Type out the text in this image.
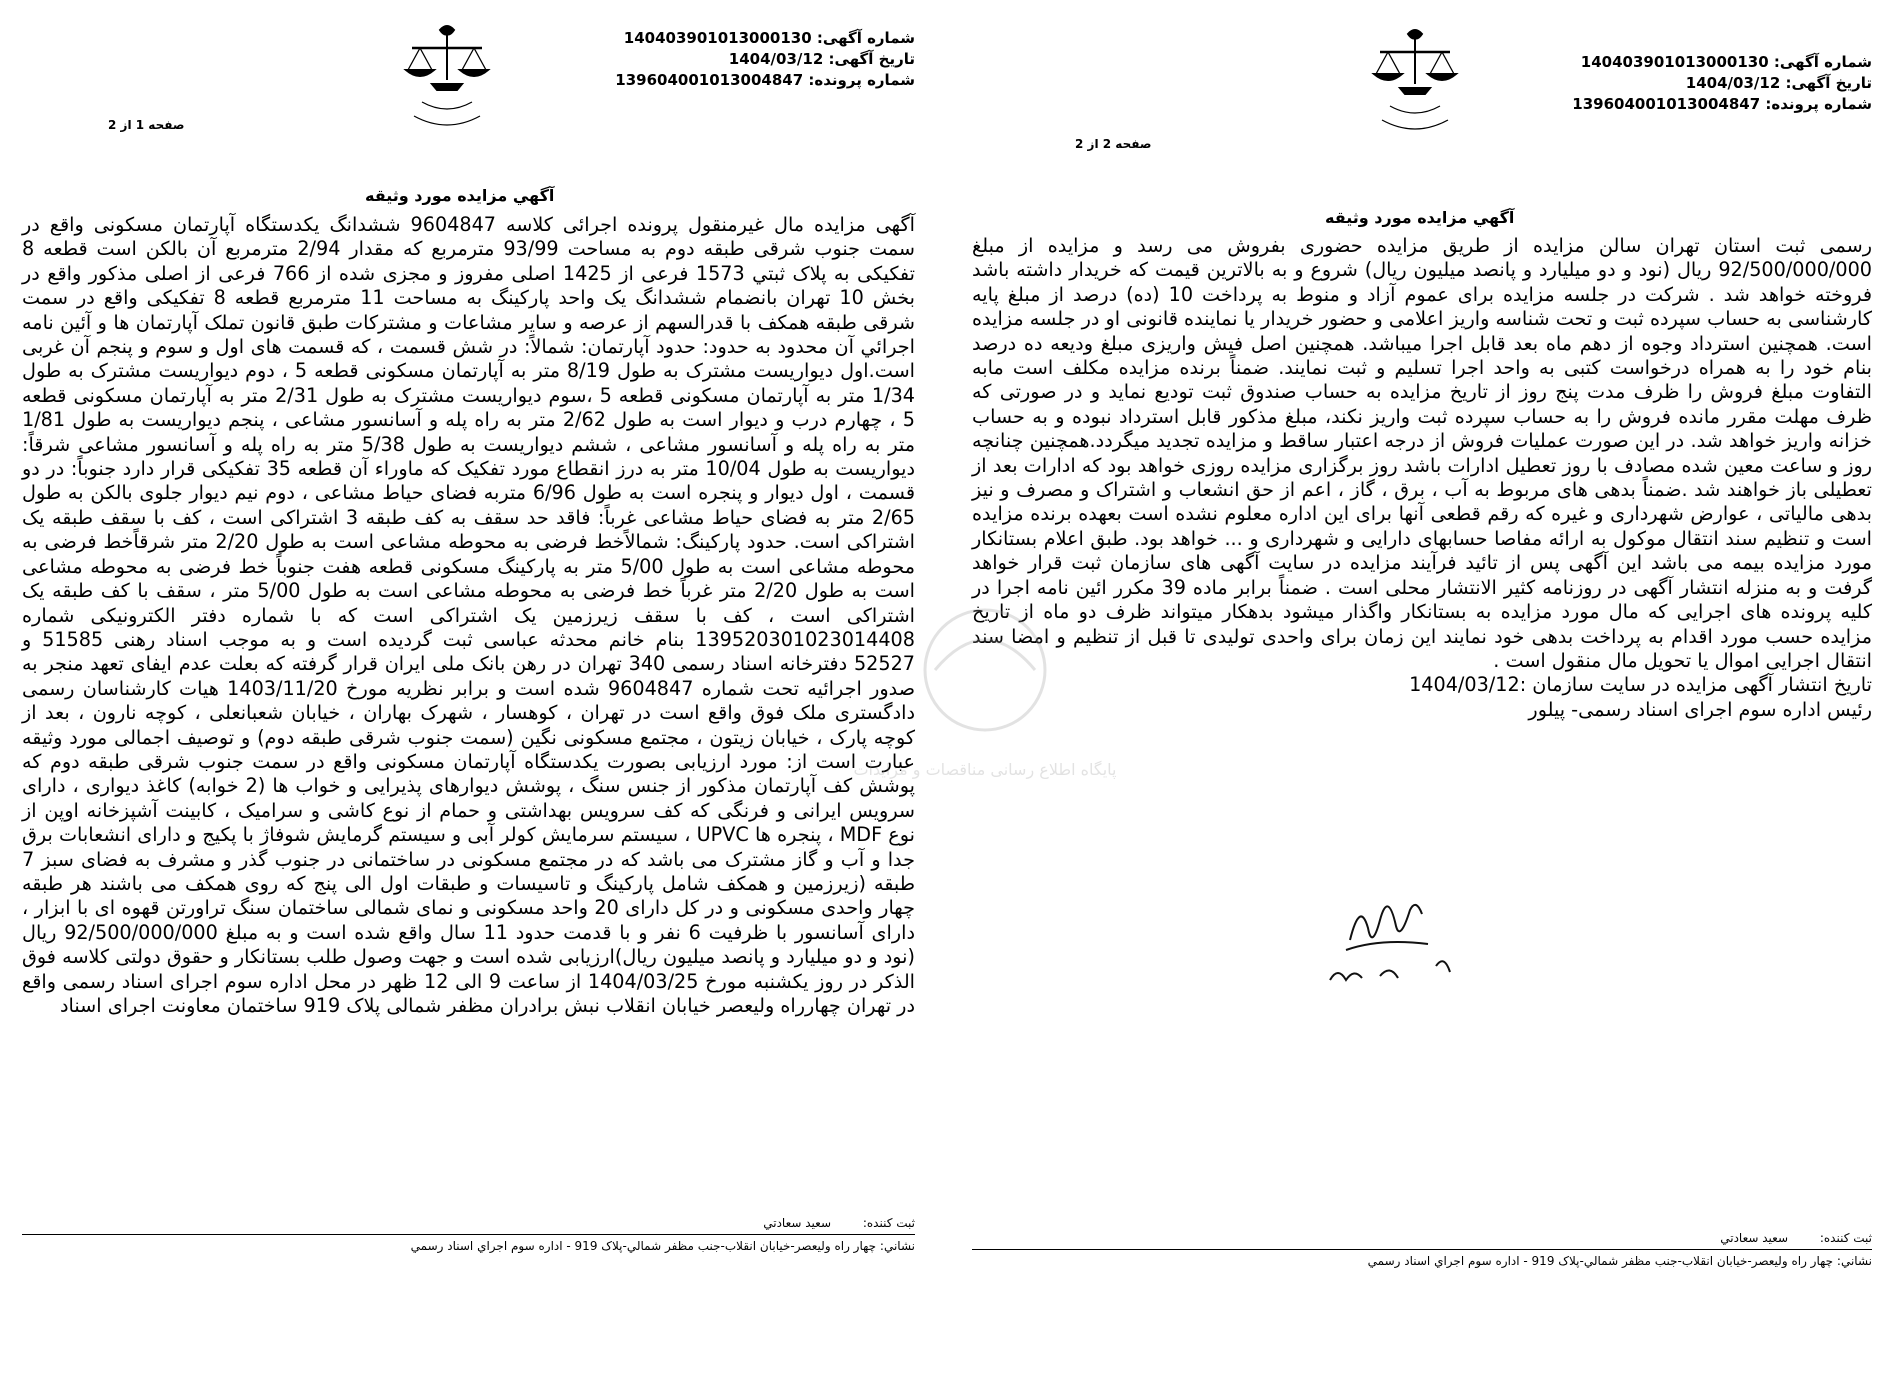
شماره آگهی: 140403901013000130
تاریخ آگهی: 1404/03/12
شماره پرونده: 139604001013004847
صفحه 1 از 2
آگهي مزايده مورد وثيقه
آگهی مزایده مال غیرمنقول پرونده اجرائی کلاسه 9604847 ششدانگ یکدستگاه آپارتمان مسکونی واقع در سمت جنوب شرقی طبقه دوم به مساحت 93/99 مترمربع که مقدار 2/94 مترمربع آن بالکن است قطعه 8 تفکیکی به پلاک ثبتي 1573 فرعی از 1425 اصلی مفروز و مجزی شده از 766 فرعی از اصلی مذکور واقع در بخش 10 تهران بانضمام ششدانگ یک واحد پارکینگ به مساحت 11 مترمربع قطعه 8 تفکیکی واقع در سمت شرقی طبقه همکف با قدرالسهم از عرصه و سایر مشاعات و مشترکات طبق قانون تملک آپارتمان ها و آئین نامه اجرائي آن محدود به حدود: حدود آپارتمان: شمالاً: در شش قسمت ، که قسمت های اول و سوم و پنجم آن غربی است.اول دیواریست مشترک به طول 8/19 متر به آپارتمان مسکونی قطعه 5 ، دوم دیواریست مشترک به طول 1/34 متر به آپارتمان مسکونی قطعه 5 ،سوم دیواریست مشترک به طول 2/31 متر به آپارتمان مسکونی قطعه 5 ، چهارم درب و دیوار است به طول 2/62 متر به راه پله و آسانسور مشاعی ، پنجم دیواریست به طول 1/81 متر به راه پله و آسانسور مشاعی ، ششم دیواریست به طول 5/38 متر به راه پله و آسانسور مشاعی شرقاً: دیواریست به طول 10/04 متر به درز انقطاع مورد تفکیک که ماوراء آن قطعه 35 تفکیکی قرار دارد جنوباً: در دو قسمت ، اول دیوار و پنجره است به طول 6/96 متربه فضای حیاط مشاعی ، دوم نیم دیوار جلوی بالکن به طول 2/65 متر به فضای حیاط مشاعی غرباً: فاقد حد سقف به کف طبقه 3 اشتراکی است ، کف با سقف طبقه یک اشتراکی است. حدود پارکینگ: شمالاًخط فرضی به محوطه مشاعی است به طول 2/20 متر شرقاًخط فرضی به محوطه مشاعی است به طول 5/00 متر به پارکینگ مسکونی قطعه هفت جنوباً خط فرضی به محوطه مشاعی است به طول 2/20 متر غرباً خط فرضی به محوطه مشاعی است به طول 5/00 متر ، سقف با کف طبقه یک اشتراکی است ، کف با سقف زیرزمین یک اشتراکی است که با شماره دفتر الکترونیکی شماره 139520301023014408 بنام خانم محدثه عباسی ثبت گردیده است و به موجب اسناد رهنی 51585 و 52527 دفترخانه اسناد رسمی 340 تهران در رهن بانک ملی ایران قرار گرفته که بعلت عدم ایفای تعهد منجر به صدور اجرائیه تحت شماره 9604847 شده است و برابر نظریه مورخ 1403/11/20 هیات کارشناسان رسمی دادگستری ملک فوق واقع است در تهران ، کوهسار ، شهرک بهاران ، خیابان شعبانعلی ، کوچه نارون ، بعد از کوچه پارک ، خیابان زیتون ، مجتمع مسکونی نگین (سمت جنوب شرقی طبقه دوم) و توصیف اجمالی مورد وثیقه عبارت است از: مورد ارزیابی بصورت یکدستگاه آپارتمان مسکونی واقع در سمت جنوب شرقی طبقه دوم که پوشش کف آپارتمان مذکور از جنس سنگ ، پوشش دیوارهای پذیرایی و خواب ها (2 خوابه) کاغذ دیواری ، دارای سرویس ایرانی و فرنگی که کف سرویس بهداشتی و حمام از نوع کاشی و سرامیک ، کابینت آشپزخانه اوپن از نوع MDF ، پنجره ها UPVC ، سیستم سرمایش کولر آبی و سیستم گرمایش شوفاژ با پکیج و دارای انشعابات برق جدا و آب و گاز مشترک می باشد که در مجتمع مسکونی در ساختمانی در جنوب گذر و مشرف به فضای سبز 7 طبقه (زیرزمین و همکف شامل پارکینگ و تاسیسات و طبقات اول الی پنج که روی همکف می باشند هر طبقه چهار واحدی مسکونی و در کل دارای 20 واحد مسکونی و نمای شمالی ساختمان سنگ تراورتن قهوه ای با ابزار ، دارای آسانسور با ظرفیت 6 نفر و با قدمت حدود 11 سال واقع شده است و به مبلغ 92/500/000/000 ریال (نود و دو میلیارد و پانصد میلیون ریال)ارزیابی شده است و جهت وصول طلب بستانکار و حقوق دولتی کلاسه فوق الذکر در روز یکشنبه مورخ 1404/03/25 از ساعت 9 الی 12 ظهر در محل اداره سوم اجرای اسناد رسمی واقع در تهران چهارراه ولیعصر خیابان انقلاب نبش برادران مظفر شمالی پلاک 919 ساختمان معاونت اجرای اسناد
ثبت كننده: سعيد سعادتي
نشاني: چهار راه وليعصر-خيابان انقلاب-جنب مظفر شمالي-پلاک 919 - اداره سوم اجراي اسناد رسمي
شماره آگهی: 140403901013000130
تاریخ آگهی: 1404/03/12
شماره پرونده: 139604001013004847
صفحه 2 از 2
آگهي مزايده مورد وثيقه
رسمی ثبت استان تهران سالن مزایده از طریق مزایده حضوری بفروش می رسد و مزایده از مبلغ 92/500/000/000 ریال (نود و دو میلیارد و پانصد میلیون ریال) شروع و به بالاترین قیمت که خریدار داشته باشد فروخته خواهد شد . شرکت در جلسه مزایده برای عموم آزاد و منوط به پرداخت 10 (ده) درصد از مبلغ پایه کارشناسی به حساب سپرده ثبت و تحت شناسه واریز اعلامی و حضور خریدار یا نماینده قانونی او در جلسه مزایده است. همچنین استرداد وجوه از دهم ماه بعد قابل اجرا میباشد. همچنین اصل فیش واریزی مبلغ ودیعه ده درصد بنام خود را به همراه درخواست کتبی به واحد اجرا تسلیم و ثبت نمایند. ضمناً برنده مزایده مکلف است مابه التفاوت مبلغ فروش را ظرف مدت پنج روز از تاریخ مزایده به حساب صندوق ثبت تودیع نماید و در صورتی که ظرف مهلت مقرر مانده فروش را به حساب سپرده ثبت واریز نکند، مبلغ مذکور قابل استرداد نبوده و به حساب خزانه واریز خواهد شد. در این صورت عملیات فروش از درجه اعتبار ساقط و مزایده تجدید میگردد.همچنین چنانچه روز و ساعت معین شده مصادف با روز تعطیل ادارات باشد روز برگزاری مزایده روزی خواهد بود که ادارات بعد از تعطیلی باز خواهند شد .ضمناً بدهی های مربوط به آب ، برق ، گاز ، اعم از حق انشعاب و اشتراک و مصرف و نیز بدهی مالیاتی ، عوارض شهرداری و غیره که رقم قطعی آنها برای این اداره معلوم نشده است بعهده برنده مزایده است و تنظیم سند انتقال موکول به ارائه مفاصا حسابهای دارایی و شهرداری و ... خواهد بود. طبق اعلام بستانکار مورد مزایده بیمه می باشد این آگهی پس از تائید فرآیند مزایده در سایت آگهی های سازمان ثبت قرار خواهد گرفت و به منزله انتشار آگهی در روزنامه کثیر الانتشار محلی است . ضمناً برابر ماده 39 مکرر ائین نامه اجرا در کلیه پرونده های اجرایی که مال مورد مزایده به بستانکار واگذار میشود بدهکار میتواند ظرف دو ماه از تاریخ مزایده حسب مورد اقدام به پرداخت بدهی خود نمایند این زمان برای واحدی تولیدی تا قبل از تنظیم و امضا سند انتقال اجرایی اموال یا تحویل مال منقول است .
تاریخ انتشار آگهی مزایده در سایت سازمان :1404/03/12
رئیس اداره سوم اجرای اسناد رسمی- پیلور
ثبت كننده: سعيد سعادتي
نشاني: چهار راه وليعصر-خيابان انقلاب-جنب مظفر شمالي-پلاک 919 - اداره سوم اجراي اسناد رسمي
پایگاه اطلاع رسانی مناقصات و مزایدات
